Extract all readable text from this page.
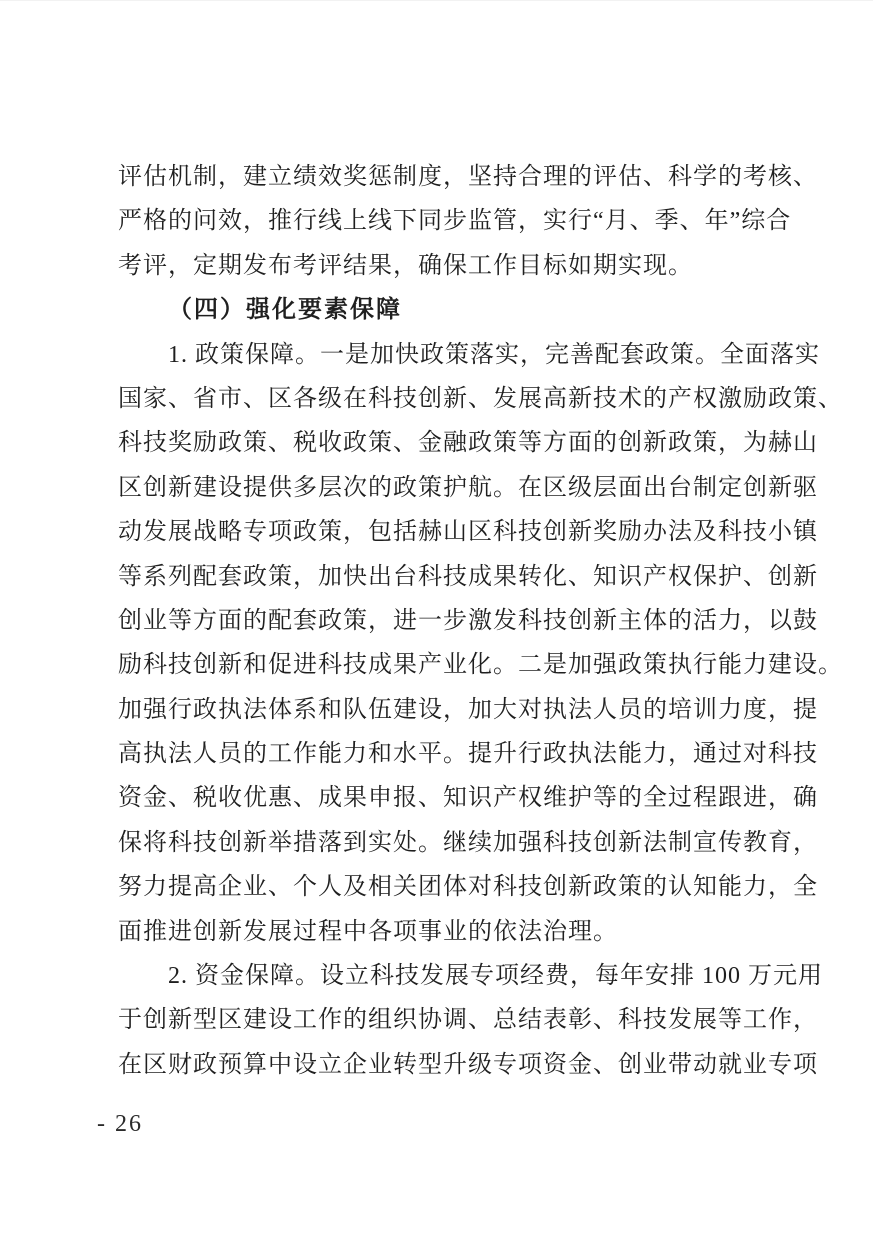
评估机制，建立绩效奖惩制度，坚持合理的评估、科学的考核、
严格的问效，推行线上线下同步监管，实行“月、季、年”综合
考评，定期发布考评结果，确保工作目标如期实现。
（四）强化要素保障
1. 政策保障。一是加快政策落实，完善配套政策。全面落实
国家、省市、区各级在科技创新、发展高新技术的产权激励政策、
科技奖励政策、税收政策、金融政策等方面的创新政策，为赫山
区创新建设提供多层次的政策护航。在区级层面出台制定创新驱
动发展战略专项政策，包括赫山区科技创新奖励办法及科技小镇
等系列配套政策，加快出台科技成果转化、知识产权保护、创新
创业等方面的配套政策，进一步激发科技创新主体的活力，以鼓
励科技创新和促进科技成果产业化。二是加强政策执行能力建设。
加强行政执法体系和队伍建设，加大对执法人员的培训力度，提
高执法人员的工作能力和水平。提升行政执法能力，通过对科技
资金、税收优惠、成果申报、知识产权维护等的全过程跟进，确
保将科技创新举措落到实处。继续加强科技创新法制宣传教育，
努力提高企业、个人及相关团体对科技创新政策的认知能力，全
面推进创新发展过程中各项事业的依法治理。
2. 资金保障。设立科技发展专项经费，每年安排 100 万元用
于创新型区建设工作的组织协调、总结表彰、科技发展等工作，
在区财政预算中设立企业转型升级专项资金、创业带动就业专项
- 26
